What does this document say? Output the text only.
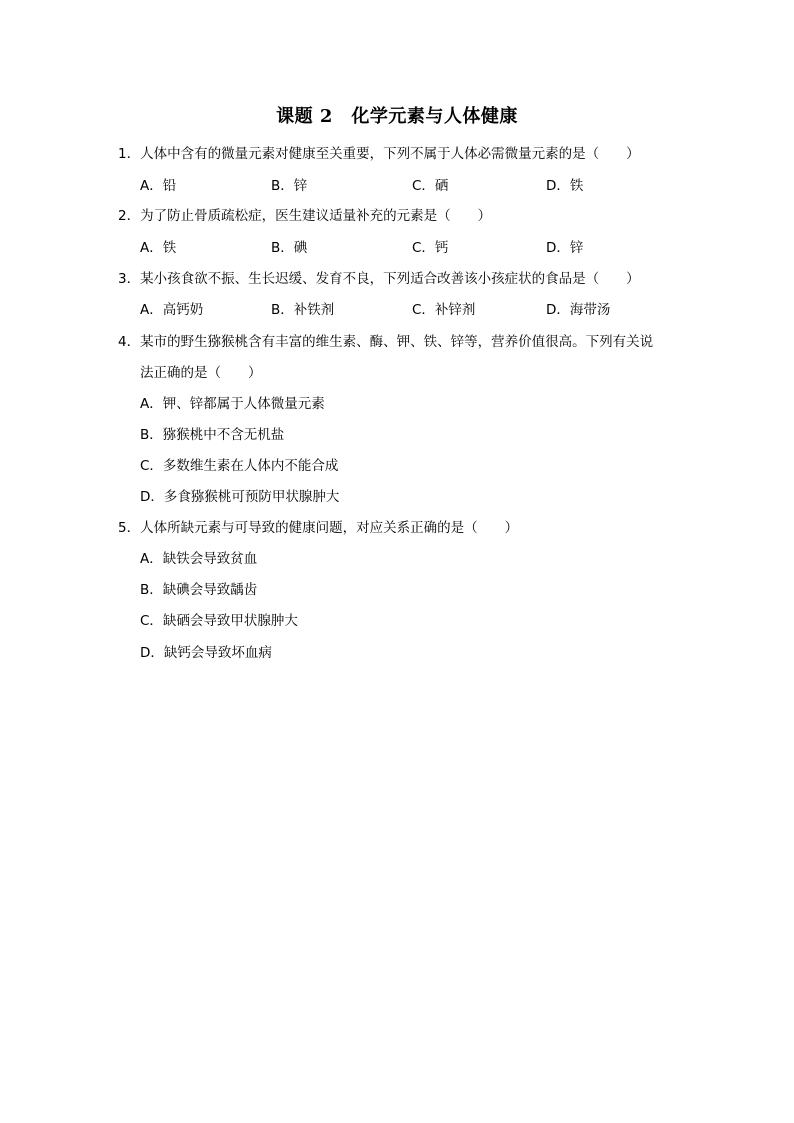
课题 2　化学元素与人体健康
1．人体中含有的微量元素对健康至关重要，下列不属于人体必需微量元素的是（　　）
A．铅	B．锌	C．硒	D．铁
2．为了防止骨质疏松症，医生建议适量补充的元素是（　　）
A．铁	B．碘	C．钙	D．锌
3．某小孩食欲不振、生长迟缓、发育不良，下列适合改善该小孩症状的食品是（　　）
A．高钙奶	B．补铁剂	C．补锌剂	D．海带汤
4．某市的野生猕猴桃含有丰富的维生素、酶、钾、铁、锌等，营养价值很高。下列有关说
法正确的是（　　）
A．钾、锌都属于人体微量元素
B．猕猴桃中不含无机盐
C．多数维生素在人体内不能合成
D．多食猕猴桃可预防甲状腺肿大
5．人体所缺元素与可导致的健康问题，对应关系正确的是（　　）
A．缺铁会导致贫血
B．缺碘会导致龋齿
C．缺硒会导致甲状腺肿大
D．缺钙会导致坏血病
